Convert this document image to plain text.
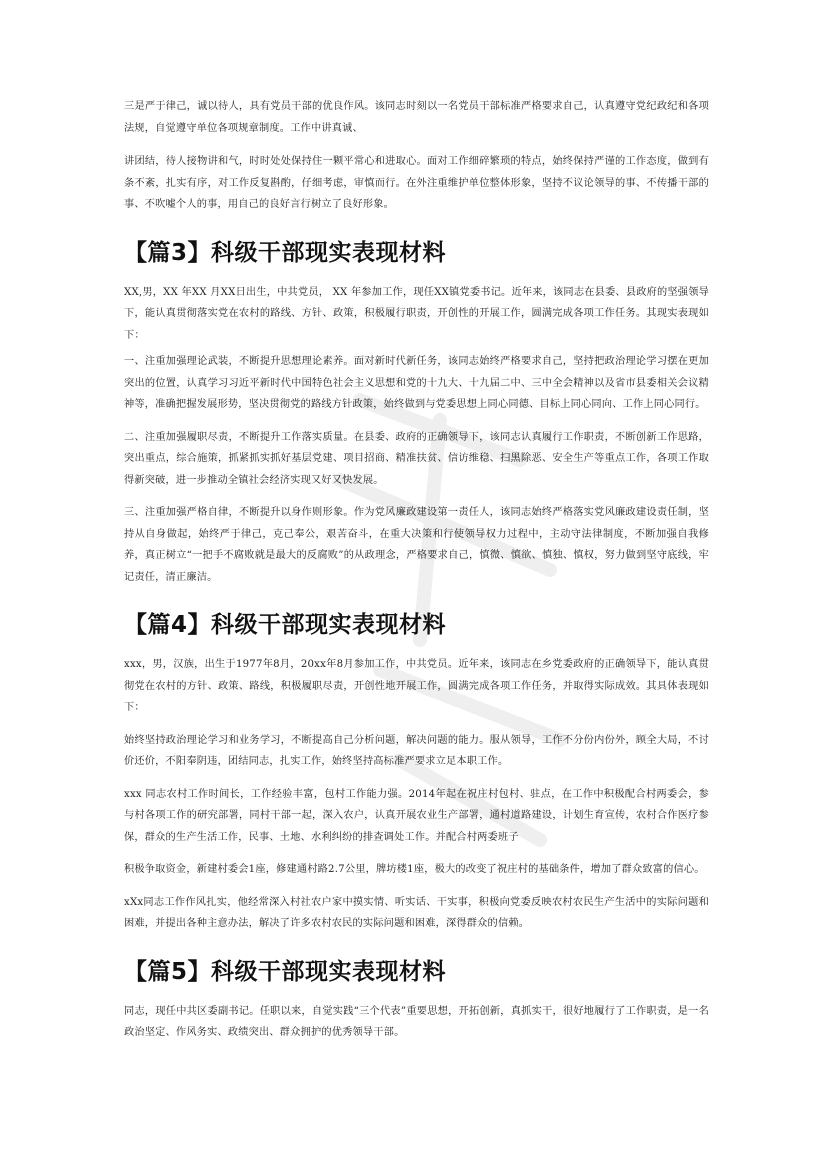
三是严于律己，诚以待人，具有党员干部的优良作风。该同志时刻以一名党员干部标准严格要求自己，认真遵守党纪政纪和各项法规，自觉遵守单位各项规章制度。工作中讲真诚、

讲团结，待人接物讲和气，时时处处保持住一颗平常心和进取心。面对工作细碎繁琐的特点，始终保持严谨的工作态度，做到有条不紊，扎实有序，对工作反复斟酌，仔细考虑，审慎而行。在外注重维护单位整体形象，坚持不议论领导的事、不传播干部的事、不吹嘘个人的事，用自己的良好言行树立了良好形象。

【篇3】科级干部现实表现材料

XX,男，XX 年XX 月XX日出生，中共党员， XX 年参加工作，现任XX镇党委书记。近年来，该同志在县委、县政府的坚强领导下，能认真贯彻落实党在农村的路线、方针、政策，积极履行职责，开创性的开展工作，圆满完成各项工作任务。其现实表现如下：

一、注重加强理论武装，不断提升思想理论素养。面对新时代新任务，该同志始终严格要求自己，坚持把政治理论学习摆在更加突出的位置，认真学习习近平新时代中国特色社会主义思想和党的十九大、十九届二中、三中全会精神以及省市县委相关会议精神等，准确把握发展形势，坚决贯彻党的路线方针政策，始终做到与党委思想上同心同德、目标上同心同向、工作上同心同行。

二、注重加强履职尽责，不断提升工作落实质量。在县委、政府的正确领导下，该同志认真履行工作职责，不断创新工作思路，突出重点，综合施策，抓紧抓实抓好基层党建、项目招商、精准扶贫、信访维稳、扫黑除恶、安全生产等重点工作，各项工作取得新突破，进一步推动全镇社会经济实现又好又快发展。

三、注重加强严格自律，不断提升以身作则形象。作为党风廉政建设第一责任人，该同志始终严格落实党风廉政建设责任制，坚持从自身做起，始终严于律己，克己奉公，艰苦奋斗，在重大决策和行使领导权力过程中，主动守法律制度，不断加强自我修养，真正树立“一把手不腐败就是最大的反腐败”的从政理念，严格要求自己，慎微、慎欲、慎独、慎权，努力做到坚守底线，牢记责任，清正廉洁。

【篇4】科级干部现实表现材料

xxx，男，汉族，出生于1977年8月，20xx年8月参加工作，中共党员。近年来，该同志在乡党委政府的正确领导下，能认真贯彻党在农村的方针、政策、路线，积极履职尽责，开创性地开展工作，圆满完成各项工作任务，并取得实际成效。其具体表现如下：

始终坚持政治理论学习和业务学习，不断提高自己分析问题，解决问题的能力。服从领导，工作不分份内份外，顾全大局，不讨价还价，不阳奉阴违，团结同志，扎实工作，始终坚持高标准严要求立足本职工作。

xxx 同志农村工作时间长，工作经验丰富，包村工作能力强。2014年起在祝庄村包村、驻点，在工作中积极配合村两委会，参与村各项工作的研究部署，同村干部一起，深入农户，认真开展农业生产部署，通村道路建设，计划生育宣传，农村合作医疗参保，群众的生产生活工作，民事、土地、水利纠纷的排查调处工作。并配合村两委班子

积极争取资金，新建村委会1座，修建通村路2.7公里，牌坊楼1座，极大的改变了祝庄村的基础条件，增加了群众致富的信心。

xXx同志工作作风扎实，他经常深入村社农户家中摸实情、听实话、干实事，积极向党委反映农村农民生产生活中的实际问题和困难，并提出各种主意办法，解决了许多农村农民的实际问题和困难，深得群众的信赖。

【篇5】科级干部现实表现材料

同志，现任中共区委副书记。任职以来，自觉实践“三个代表”重要思想，开拓创新，真抓实干，很好地履行了工作职责，是一名政治坚定、作风务实、政绩突出、群众拥护的优秀领导干部。
